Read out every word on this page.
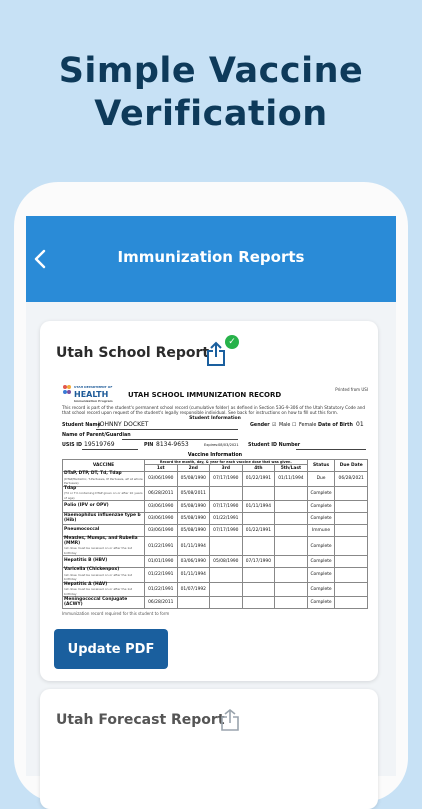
Simple Vaccine
Verification
Immunization Reports
Utah School Report
✓
UTAH DEPARTMENT OF
HEALTH
Immunization Program
UTAH SCHOOL IMMUNIZATION RECORD
Printed from USI
This record is part of the student's permanent school record (cumulative folder) as defined in Section 53G-9-306 of the Utah Statutory Code and that school record upon request of the student's legally responsible individual. See back for instructions on how to fill out this form.
Student Information
Student Name
JOHNNY DOCKET	Gender ☑ Male ☐ Female Date of Birth 01
Name of Parent/Guardian
USIS ID 19519769	PIN 8134-9653	Expires: 08/03/2021 Student ID Number
Vaccine Information
VACCINE	Record the month, day, & year for each vaccine dose that was given.					Status	Due Date
	1st	2nd	3rd	4th	5th/Last		
DTaP, DTP, DT, Td, Tdap
(DTaP/Pediatric, T-Pertussis, IP Pertussis, aP at whole Pertussis)	03/06/1990	05/08/1990	07/17/1990	01/22/1991	01/11/1994	Due	06/28/2021
Tdap
(Td or Td containing DTaP given on or after 10 years of age)	06/28/2011	05/08/2011				Complete	
Polio (IPV or OPV)	03/06/1990	05/08/1990	07/17/1990	01/11/1994		Complete	
Haemophilus influenzae type b (Hib)	03/06/1990	05/08/1990	01/22/1991			Complete	
Pneumococcal	03/06/1990	05/08/1990	07/17/1990	01/22/1991		Immune	
Measles, Mumps, and Rubella (MMR)
1st dose must be received on or after the 1st birthday	01/22/1991	01/11/1994				Complete	
Hepatitis B (HBV)	01/01/1990	03/06/1990	05/08/1990	07/17/1990		Complete	
Varicella (Chickenpox)
1st dose must be received on or after the 1st birthday	01/22/1991	01/11/1994				Complete	
Hepatitis A (HAV)
1st dose must be received on or after the 1st birthday	01/22/1991	01/07/1992				Complete	
Meningococcal Conjugate (ACWY)	06/28/2011					Complete	
Immunization record required for this student to form
Update PDF
Utah Forecast Report
